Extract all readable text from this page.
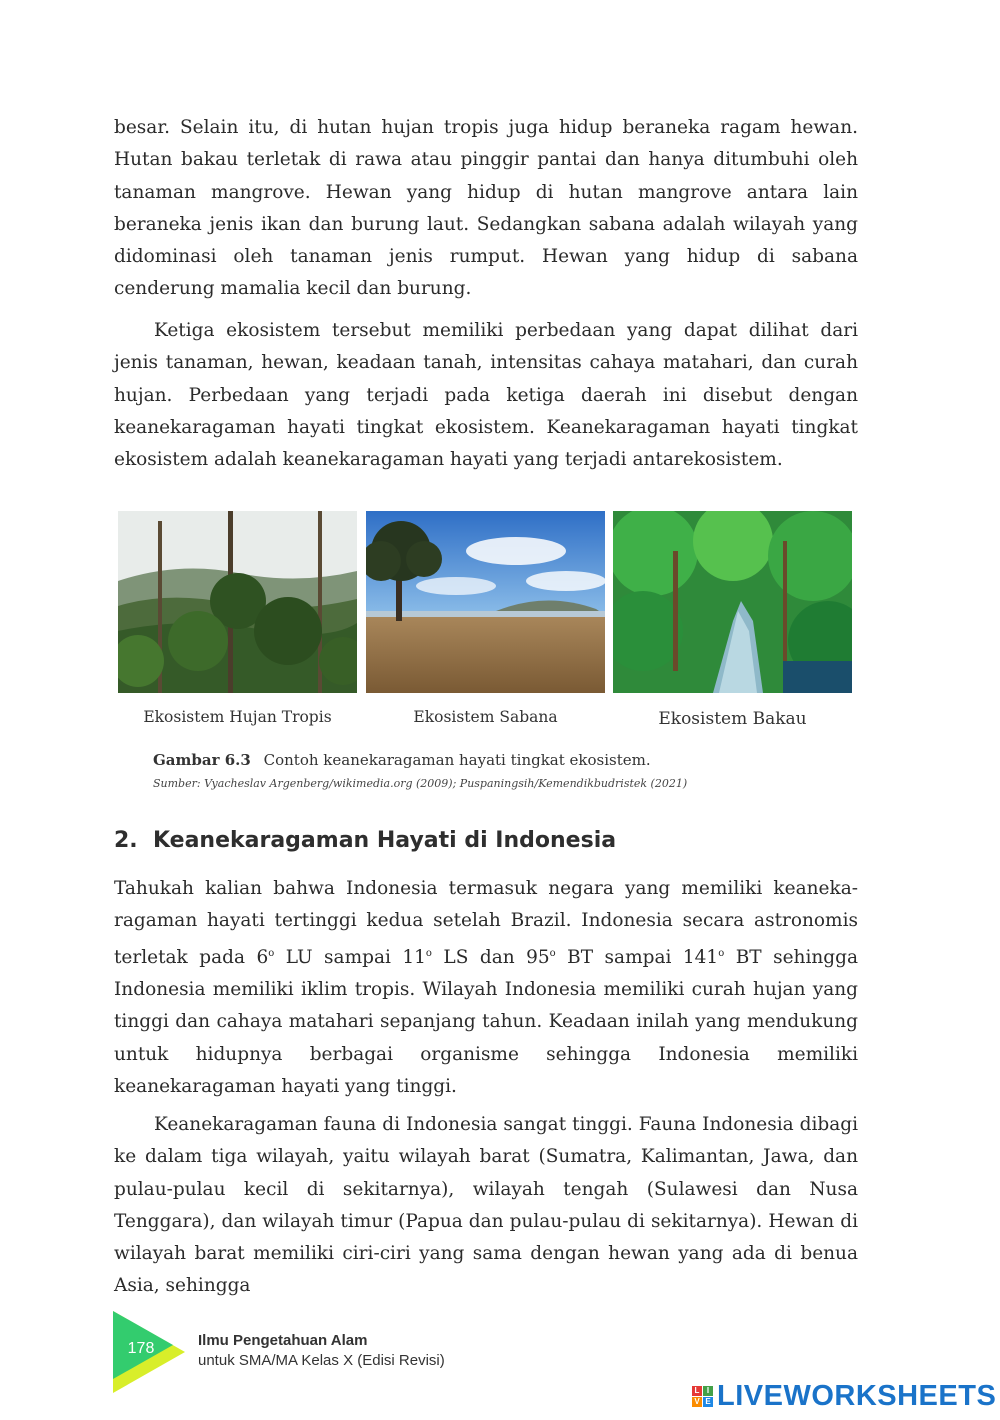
besar. Selain itu, di hutan hujan tropis juga hidup beraneka ragam hewan. Hutan bakau terletak di rawa atau pinggir pantai dan hanya ditumbuhi oleh tanaman mangrove. Hewan yang hidup di hutan mangrove antara lain beraneka jenis ikan dan burung laut. Sedangkan sabana adalah wilayah yang didominasi oleh tanaman jenis rumput. Hewan yang hidup di sabana cenderung mamalia kecil dan burung.

Ketiga ekosistem tersebut memiliki perbedaan yang dapat dilihat dari jenis tanaman, hewan, keadaan tanah, intensitas cahaya matahari, dan curah hujan. Perbedaan yang terjadi pada ketiga daerah ini disebut dengan keanekaragaman hayati tingkat ekosistem. Keanekaragaman hayati tingkat ekosistem adalah keanekaragaman hayati yang terjadi antarekosistem.

Ekosistem Hujan Tropis	Ekosistem Sabana	Ekosistem Bakau
Gambar 6.3 Contoh keanekaragaman hayati tingkat ekosistem.
Sumber: Vyacheslav Argenberg/wikimedia.org (2009); Puspaningsih/Kemendikbudristek (2021)
2. Keanekaragaman Hayati di Indonesia

Tahukah kalian bahwa Indonesia termasuk negara yang memiliki keanekaragaman hayati tertinggi kedua setelah Brazil. Indonesia secara astronomis terletak pada 6$^o$ LU sampai 11$^o$ LS dan 95$^o$ BT sampai 141$^o$ BT sehingga Indonesia memiliki iklim tropis. Wilayah Indonesia memiliki curah hujan yang tinggi dan cahaya matahari sepanjang tahun. Keadaan inilah yang mendukung untuk hidupnya berbagai organisme sehingga Indonesia memiliki keanekaragaman hayati yang tinggi.

Keanekaragaman fauna di Indonesia sangat tinggi. Fauna Indonesia dibagi ke dalam tiga wilayah, yaitu wilayah barat (Sumatra, Kalimantan, Jawa, dan pulau-pulau kecil di sekitarnya), wilayah tengah (Sulawesi dan Nusa Tenggara), dan wilayah timur (Papua dan pulau-pulau di sekitarnya). Hewan di wilayah barat memiliki ciri-ciri yang sama dengan hewan yang ada di benua Asia, sehingga

178	Ilmu Pengetahuan Alam
untuk SMA/MA Kelas X (Edisi Revisi)
L I
V E LIVEWORKSHEETS
